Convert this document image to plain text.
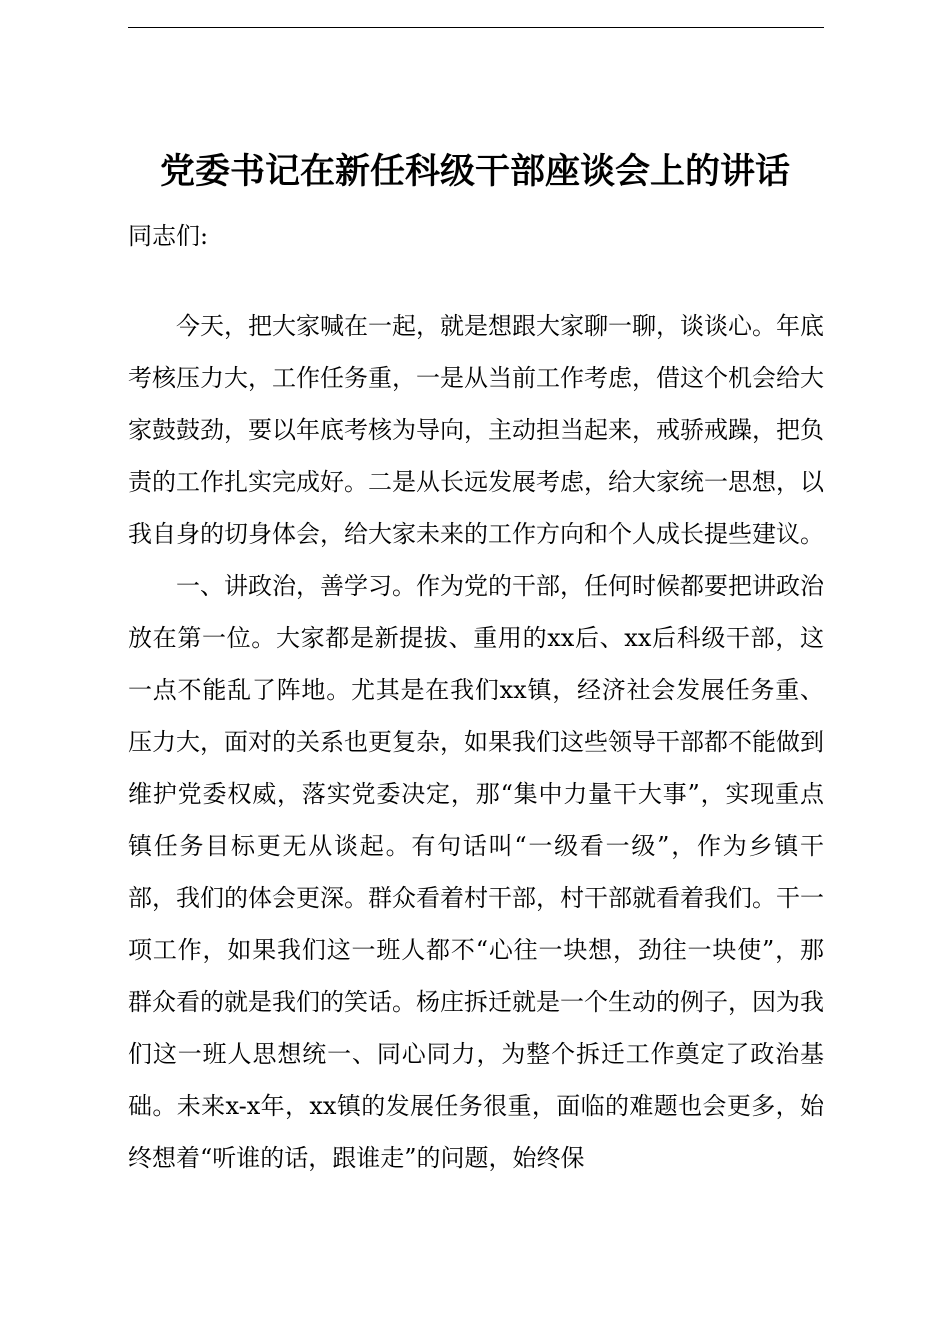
党委书记在新任科级干部座谈会上的讲话

同志们:

今天，把大家喊在一起，就是想跟大家聊一聊，谈谈心。年底考核压力大，工作任务重，一是从当前工作考虑，借这个机会给大家鼓鼓劲，要以年底考核为导向，主动担当起来，戒骄戒躁，把负责的工作扎实完成好。二是从长远发展考虑，给大家统一思想，以我自身的切身体会，给大家未来的工作方向和个人成长提些建议。

一、讲政治，善学习。作为党的干部，任何时候都要把讲政治放在第一位。大家都是新提拔、重用的xx后、xx后科级干部，这一点不能乱了阵地。尤其是在我们xx镇，经济社会发展任务重、压力大，面对的关系也更复杂，如果我们这些领导干部都不能做到维护党委权威，落实党委决定，那“集中力量干大事”，实现重点镇任务目标更无从谈起。有句话叫“一级看一级”，作为乡镇干部，我们的体会更深。群众看着村干部，村干部就看着我们。干一项工作，如果我们这一班人都不“心往一块想，劲往一块使”，那群众看的就是我们的笑话。杨庄拆迁就是一个生动的例子，因为我们这一班人思想统一、同心同力，为整个拆迁工作奠定了政治基础。未来x-x年，xx镇的发展任务很重，面临的难题也会更多，始终想着“听谁的话，跟谁走”的问题，始终保
